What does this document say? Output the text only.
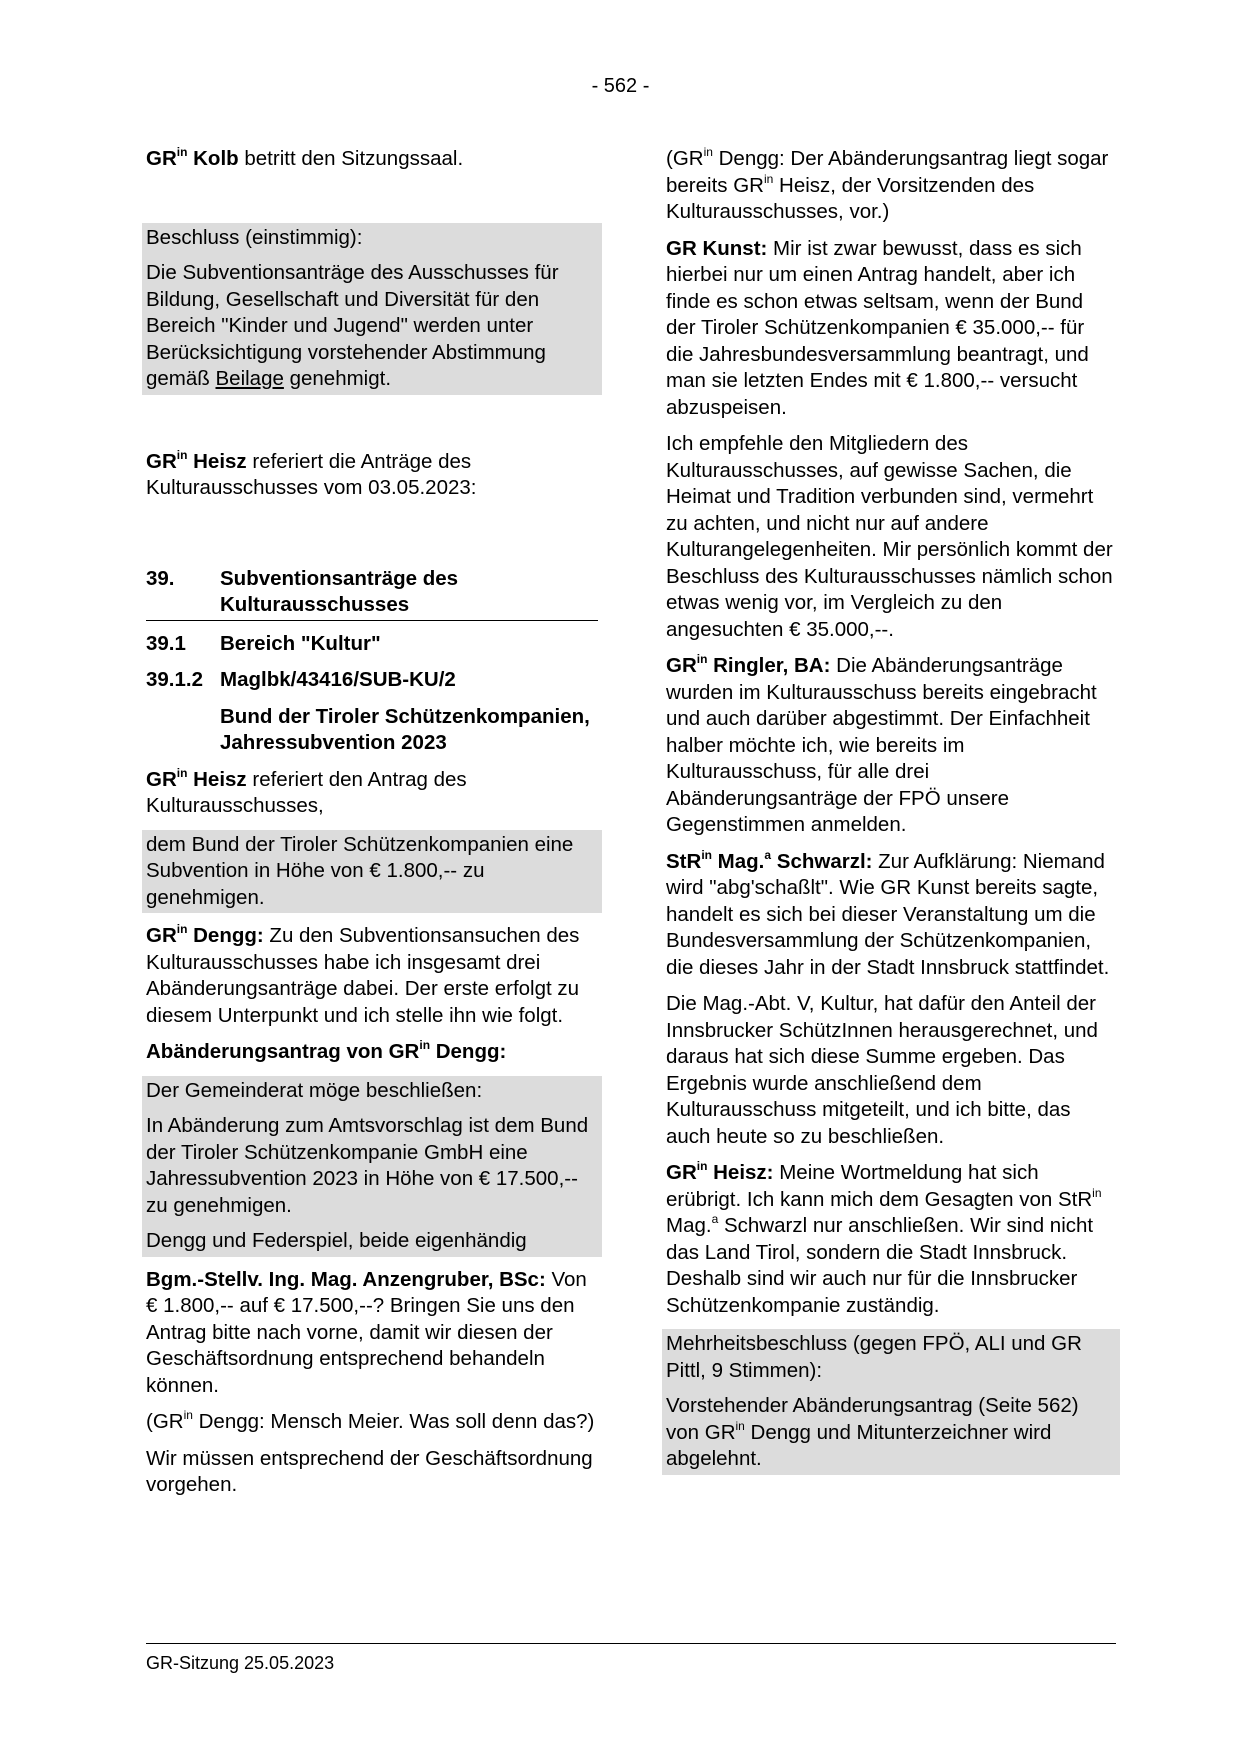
- 562 -

$GR^{in}$ Kolb betritt den Sitzungssaal.

Beschluss (einstimmig):

Die Subventionsanträge des Ausschusses für Bildung, Gesellschaft und Diversität für den Bereich "Kinder und Jugend" werden unter Berücksichtigung vorstehender Abstimmung gemäß Beilage genehmigt.

$GR^{in}$ Heisz referiert die Anträge des Kulturausschusses vom 03.05.2023:

39.	Subventionsanträge des Kulturausschusses
39.1	Bereich "Kultur"
39.1.2 Maglbk/43416/SUB-KU/2
Bund der Tiroler Schützenkompanien, Jahressubvention 2023

$GR^{in}$ Heisz referiert den Antrag des Kulturausschusses,

dem Bund der Tiroler Schützenkompanien eine Subvention in Höhe von € 1.800,-- zu genehmigen.

$GR^{in}$ Dengg: Zu den Subventionsansuchen des Kulturausschusses habe ich insgesamt drei Abänderungsanträge dabei. Der erste erfolgt zu diesem Unterpunkt und ich stelle ihn wie folgt.

Abänderungsantrag von $GR^{in}$ Dengg:

Der Gemeinderat möge beschließen:

In Abänderung zum Amtsvorschlag ist dem Bund der Tiroler Schützenkompanie GmbH eine Jahressubvention 2023 in Höhe von € 17.500,-- zu genehmigen.

Dengg und Federspiel, beide eigenhändig

Bgm.-Stellv. Ing. Mag. Anzengruber, BSc: Von € 1.800,-- auf € 17.500,--? Bringen Sie uns den Antrag bitte nach vorne, damit wir diesen der Geschäftsordnung entsprechend behandeln können.

($GR^{in}$ Dengg: Mensch Meier. Was soll denn das?)

Wir müssen entsprechend der Geschäftsordnung vorgehen.

($GR^{in}$ Dengg: Der Abänderungsantrag liegt sogar bereits $GR^{in}$ Heisz, der Vorsitzenden des Kulturausschusses, vor.)

GR Kunst: Mir ist zwar bewusst, dass es sich hierbei nur um einen Antrag handelt, aber ich finde es schon etwas seltsam, wenn der Bund der Tiroler Schützenkompanien € 35.000,-- für die Jahresbundesversammlung beantragt, und man sie letzten Endes mit € 1.800,-- versucht abzuspeisen.

Ich empfehle den Mitgliedern des Kulturausschusses, auf gewisse Sachen, die Heimat und Tradition verbunden sind, vermehrt zu achten, und nicht nur auf andere Kulturangelegenheiten. Mir persönlich kommt der Beschluss des Kulturausschusses nämlich schon etwas wenig vor, im Vergleich zu den angesuchten € 35.000,--.

$GR^{in}$ Ringler, BA: Die Abänderungsanträge wurden im Kulturausschuss bereits eingebracht und auch darüber abgestimmt. Der Einfachheit halber möchte ich, wie bereits im Kulturausschuss, für alle drei Abänderungsanträge der FPÖ unsere Gegenstimmen anmelden.

StR$^{in}$ Mag.$^a$ Schwarzl: Zur Aufklärung: Niemand wird "abg'schaßlt". Wie GR Kunst bereits sagte, handelt es sich bei dieser Veranstaltung um die Bundesversammlung der Schützenkompanien, die dieses Jahr in der Stadt Innsbruck stattfindet.

Die Mag.-Abt. V, Kultur, hat dafür den Anteil der Innsbrucker SchützInnen herausgerechnet, und daraus hat sich diese Summe ergeben. Das Ergebnis wurde anschließend dem Kulturausschuss mitgeteilt, und ich bitte, das auch heute so zu beschließen.

$GR^{in}$ Heisz: Meine Wortmeldung hat sich erübrigt. Ich kann mich dem Gesagten von StR$^{in}$ Mag.$^a$ Schwarzl nur anschließen. Wir sind nicht das Land Tirol, sondern die Stadt Innsbruck. Deshalb sind wir auch nur für die Innsbrucker Schützenkompanie zuständig.

Mehrheitsbeschluss (gegen FPÖ, ALI und GR Pittl, 9 Stimmen):

Vorstehender Abänderungsantrag (Seite 562) von $GR^{in}$ Dengg und Mitunterzeichner wird abgelehnt.

GR-Sitzung 25.05.2023
